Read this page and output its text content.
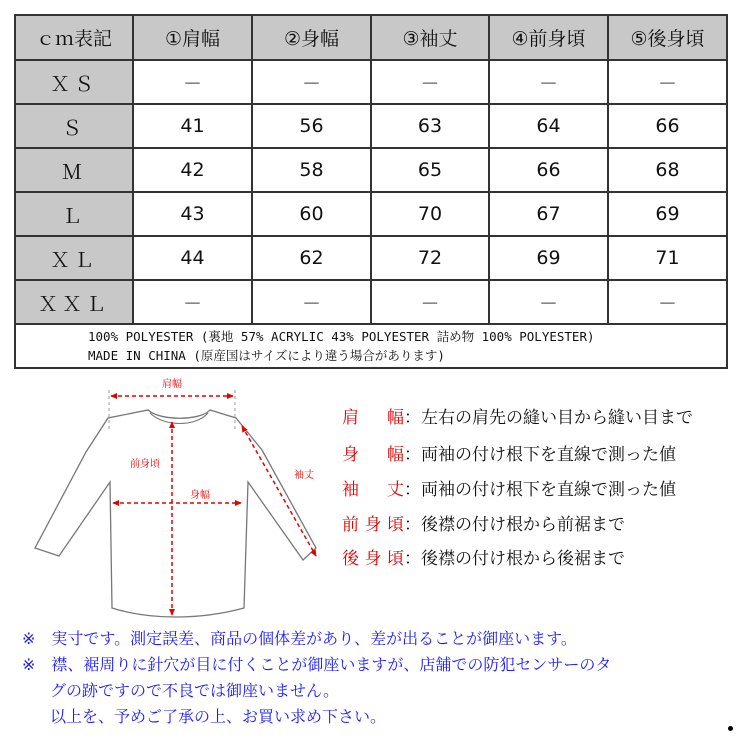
ｃｍ表記	①肩幅	②身幅	③袖丈	④前身頃	⑤後身頃
ＸＳ	－	－	－	－	－
Ｓ	41	56	63	64	66
Ｍ	42	58	65	66	68
Ｌ	43	60	70	67	69
ＸＬ	44	62	72	69	71
ＸＸＬ	－	－	－	－	－

100% POLYESTER (裏地 57% ACRYLIC 43% POLYESTER 詰め物 100% POLYESTER)
MADE IN CHINA (原産国はサイズにより違う場合があります)					
肩幅
前身頃
身幅
袖丈
肩幅：左右の肩先の縫い目から縫い目まで
身幅：両袖の付け根下を直線で測った値
袖丈：両袖の付け根下を直線で測った値
前身頃：後襟の付け根から前裾まで
後身頃：後襟の付け根から後裾まで
※　 実寸です。測定誤差、商品の個体差があり、差が出ることが御座います。
※　 襟、裾周りに針穴が目に付くことが御座いますが、店舗での防犯センサーのタ
グの跡ですので不良では御座いません。
以上を、予めご了承の上、お買い求め下さい。
